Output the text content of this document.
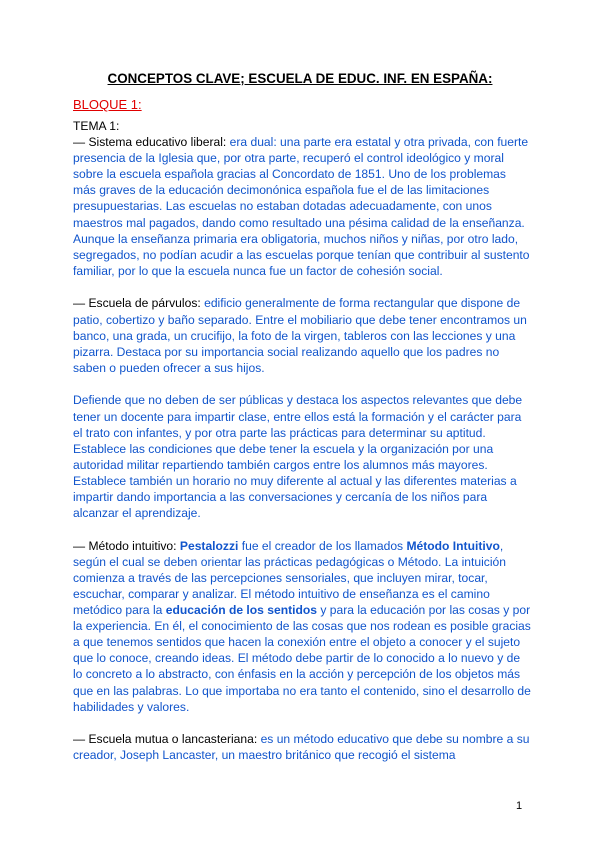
CONCEPTOS CLAVE; ESCUELA DE EDUC. INF. EN ESPAÑA:
BLOQUE 1:

TEMA 1:

— Sistema educativo liberal: era dual: una parte era estatal y otra privada, con fuerte presencia de la Iglesia que, por otra parte, recuperó el control ideológico y moral sobre la escuela española gracias al Concordato de 1851. Uno de los problemas más graves de la educación decimonónica española fue el de las limitaciones presupuestarias. Las escuelas no estaban dotadas adecuadamente, con unos maestros mal pagados, dando como resultado una pésima calidad de la enseñanza. Aunque la enseñanza primaria era obligatoria, muchos niños y niñas, por otro lado, segregados, no podían acudir a las escuelas porque tenían que contribuir al sustento familiar, por lo que la escuela nunca fue un factor de cohesión social.

— Escuela de párvulos: edificio generalmente de forma rectangular que dispone de patio, cobertizo y baño separado. Entre el mobiliario que debe tener encontramos un banco, una grada, un crucifijo, la foto de la virgen, tableros con las lecciones y una pizarra. Destaca por su importancia social realizando aquello que los padres no saben o pueden ofrecer a sus hijos.

Defiende que no deben de ser públicas y destaca los aspectos relevantes que debe tener un docente para impartir clase, entre ellos está la formación y el carácter para el trato con infantes, y por otra parte las prácticas para determinar su aptitud. Establece las condiciones que debe tener la escuela y la organización por una autoridad militar repartiendo también cargos entre los alumnos más mayores. Establece también un horario no muy diferente al actual y las diferentes materias a impartir dando importancia a las conversaciones y cercanía de los niños para alcanzar el aprendizaje.

— Método intuitivo: Pestalozzi fue el creador de los llamados Método Intuitivo, según el cual se deben orientar las prácticas pedagógicas o Método. La intuición comienza a través de las percepciones sensoriales, que incluyen mirar, tocar, escuchar, comparar y analizar. El método intuitivo de enseñanza es el camino metódico para la educación de los sentidos y para la educación por las cosas y por la experiencia. En él, el conocimiento de las cosas que nos rodean es posible gracias a que tenemos sentidos que hacen la conexión entre el objeto a conocer y el sujeto que lo conoce, creando ideas. El método debe partir de lo conocido a lo nuevo y de lo concreto a lo abstracto, con énfasis en la acción y percepción de los objetos más que en las palabras. Lo que importaba no era tanto el contenido, sino el desarrollo de habilidades y valores.

— Escuela mutua o lancasteriana: es un método educativo que debe su nombre a su creador, Joseph Lancaster, un maestro británico que recogió el sistema

1
